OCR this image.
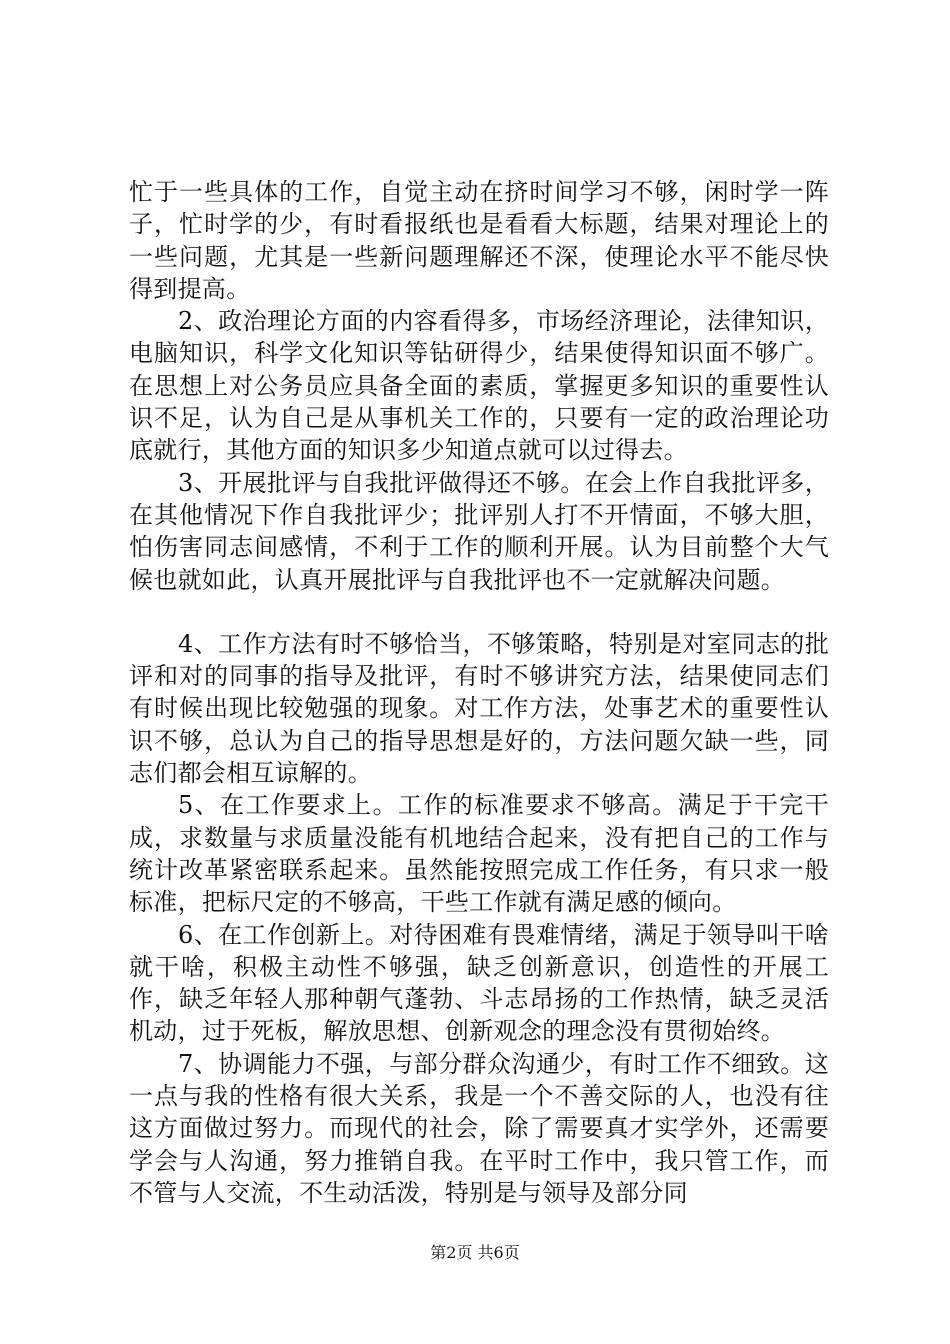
忙于一些具体的工作，自觉主动在挤时间学习不够，闲时学一阵子，忙时学的少，有时看报纸也是看看大标题，结果对理论上的一些问题，尤其是一些新问题理解还不深，使理论水平不能尽快得到提高。

2、政治理论方面的内容看得多，市场经济理论，法律知识，电脑知识，科学文化知识等钻研得少，结果使得知识面不够广。在思想上对公务员应具备全面的素质，掌握更多知识的重要性认识不足，认为自己是从事机关工作的，只要有一定的政治理论功底就行，其他方面的知识多少知道点就可以过得去。

3、开展批评与自我批评做得还不够。在会上作自我批评多，在其他情况下作自我批评少；批评别人打不开情面，不够大胆，怕伤害同志间感情，不利于工作的顺利开展。认为目前整个大气候也就如此，认真开展批评与自我批评也不一定就解决问题。

4、工作方法有时不够恰当，不够策略，特别是对室同志的批评和对的同事的指导及批评，有时不够讲究方法，结果使同志们有时候出现比较勉强的现象。对工作方法，处事艺术的重要性认识不够，总认为自己的指导思想是好的，方法问题欠缺一些，同志们都会相互谅解的。

5、在工作要求上。工作的标准要求不够高。满足于干完干成，求数量与求质量没能有机地结合起来，没有把自己的工作与统计改革紧密联系起来。虽然能按照完成工作任务，有只求一般标准，把标尺定的不够高，干些工作就有满足感的倾向。

6、在工作创新上。对待困难有畏难情绪，满足于领导叫干啥就干啥，积极主动性不够强，缺乏创新意识，创造性的开展工作，缺乏年轻人那种朝气蓬勃、斗志昂扬的工作热情，缺乏灵活机动，过于死板，解放思想、创新观念的理念没有贯彻始终。

7、协调能力不强，与部分群众沟通少，有时工作不细致。这一点与我的性格有很大关系，我是一个不善交际的人，也没有往这方面做过努力。而现代的社会，除了需要真才实学外，还需要学会与人沟通，努力推销自我。在平时工作中，我只管工作，而不管与人交流，不生动活泼，特别是与领导及部分同

第2页 共6页
